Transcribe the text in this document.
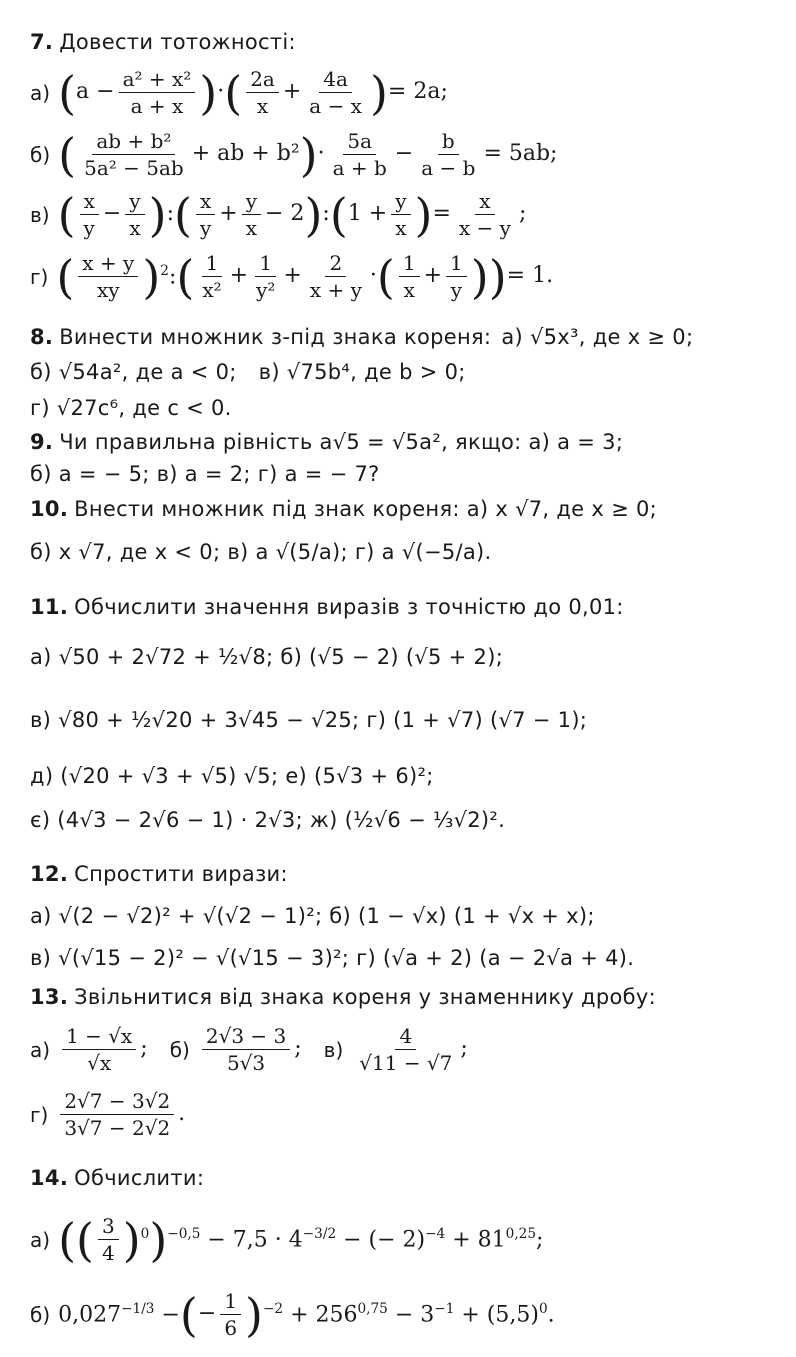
7. Довести тотожності:
а) ( $a - \frac{\text{a² + x²}}{a + x}$ ) · ( $\frac{2a}{x} + \frac{4a}{a - x}$ ) = 2a;
б) ( $\frac{\text{ab + b²}}{\text{5a² − 5ab}}$ + ab + b² ) · $\frac{5a}{a + b} - \frac{b}{a - b} = 5ab$;
в) ( $\frac{x}{y} - \frac{y}{x}$ ) : ( $\frac{x}{y} + \frac{y}{x} - 2$ ) : ( $1 + \frac{y}{x}$ ) = $\frac{x}{x - y}$ ;
г) ( $\frac{x + y}{xy}$ ) $^2$: ( $\frac{1}{\text{x²}} + \frac{1}{\text{y²}} + \frac{2}{x + y}$ · ( $\frac{1}{x} + \frac{1}{y}$ )) = 1.
8. Винести множник з-під знака кореня: а) √5x³, де x ≥ 0;
б) √54a², де a < 0; в) √75b⁴, де b > 0;
г) √27c⁶, де c < 0.
9. Чи правильна рівність a√5 = √5a², якщо: а) a = 3;
б) a = − 5; в) a = 2; г) a = − 7?
10. Внести множник під знак кореня: а) x √7, де x ≥ 0;
б) x √7, де x < 0; в) a √(5/a); г) a √(−5/a).
11. Обчислити значення виразів з точністю до 0,01:
а) √50 + 2√72 + ½√8; б) (√5 − 2) (√5 + 2);
в) √80 + ½√20 + 3√45 − √25; г) (1 + √7) (√7 − 1);
д) (√20 + √3 + √5) √5; е) (5√3 + 6)²;
є) (4√3 − 2√6 − 1) · 2√3; ж) (½√6 − ⅓√2)².
12. Спростити вирази:
а) √(2 − √2)² + √(√2 − 1)²; б) (1 − √x) (1 + √x + x);
в) √(√15 − 2)² − √(√15 − 3)²; г) (√a + 2) (a − 2√a + 4).
13. Звільнитися від знака кореня у знаменнику дробу:
$а) \frac{1 - √x}{√x}$ ; $б) \frac{2√3 - 3}{5√3}$ ; $в) \frac{4}{√11 - √7}$ ;
$г) \frac{2√7 - 3√2}{3√7 - 2√2}$ .
14. Обчислити:
а) (( $\frac{3}{4}$ ) $^0$ ) $^{-0,5} - 7,5 \cdot 4^{-3/2}$ − (− $2)^{-4} + 81^{0,25}$;
б) $0,027^{-1/3}$ − ( − $\frac{1}{6}$ ) $^{-2} + 256^{0,75} - 3^{-1} + (5,5)^0$.
